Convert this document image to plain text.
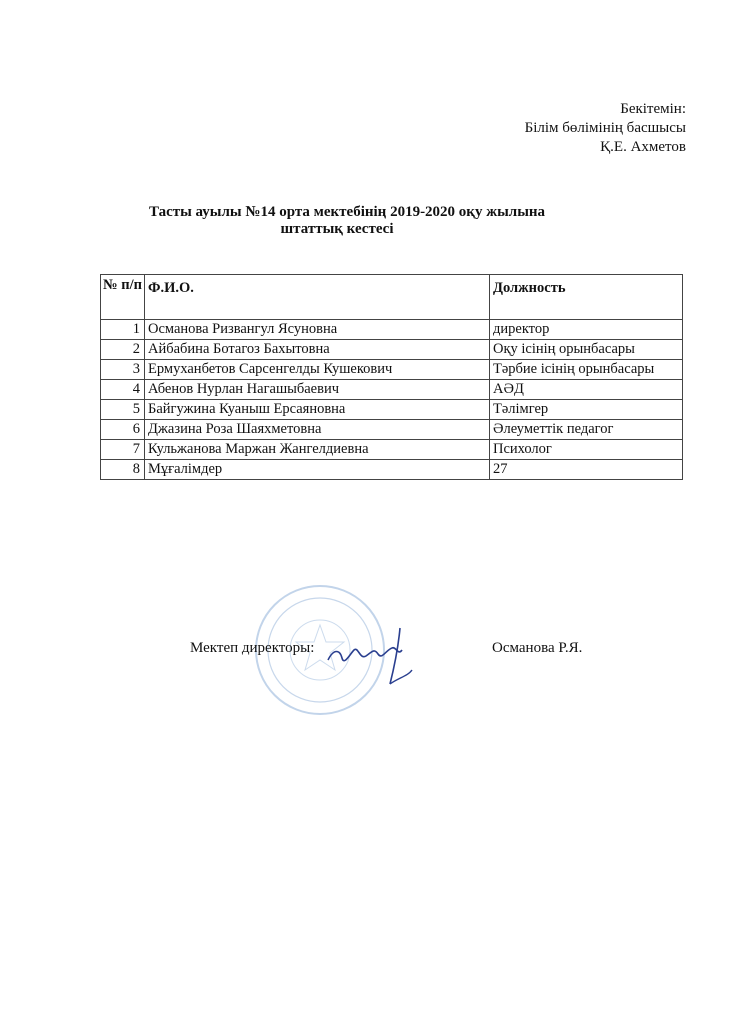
Бекітемін:
Білім бөлімінің басшысы
Қ.Е. Ахметов
Тасты ауылы №14 орта мектебінің 2019-2020 оқу жылына
штаттық кестесі
№ п/п	Ф.И.О.	Должность
1	Османова Ризвангул Ясуновна	директор
2	Айбабина Ботагоз Бахытовна	Оқу ісінің орынбасары
3	Ермуханбетов Сарсенгелды Кушекович	Тәрбие ісінің орынбасары
4	Абенов Нурлан Нагашыбаевич	АӘД
5	Байгужина Куаныш Ерсаяновна	Тәлімгер
6	Джазина Роза Шаяхметовна	Әлеуметтік педагог
7	Кульжанова Маржан Жангелдиевна	Психолог
8	Мұғалімдер	27
Мектеп директоры:	Османова Р.Я.
